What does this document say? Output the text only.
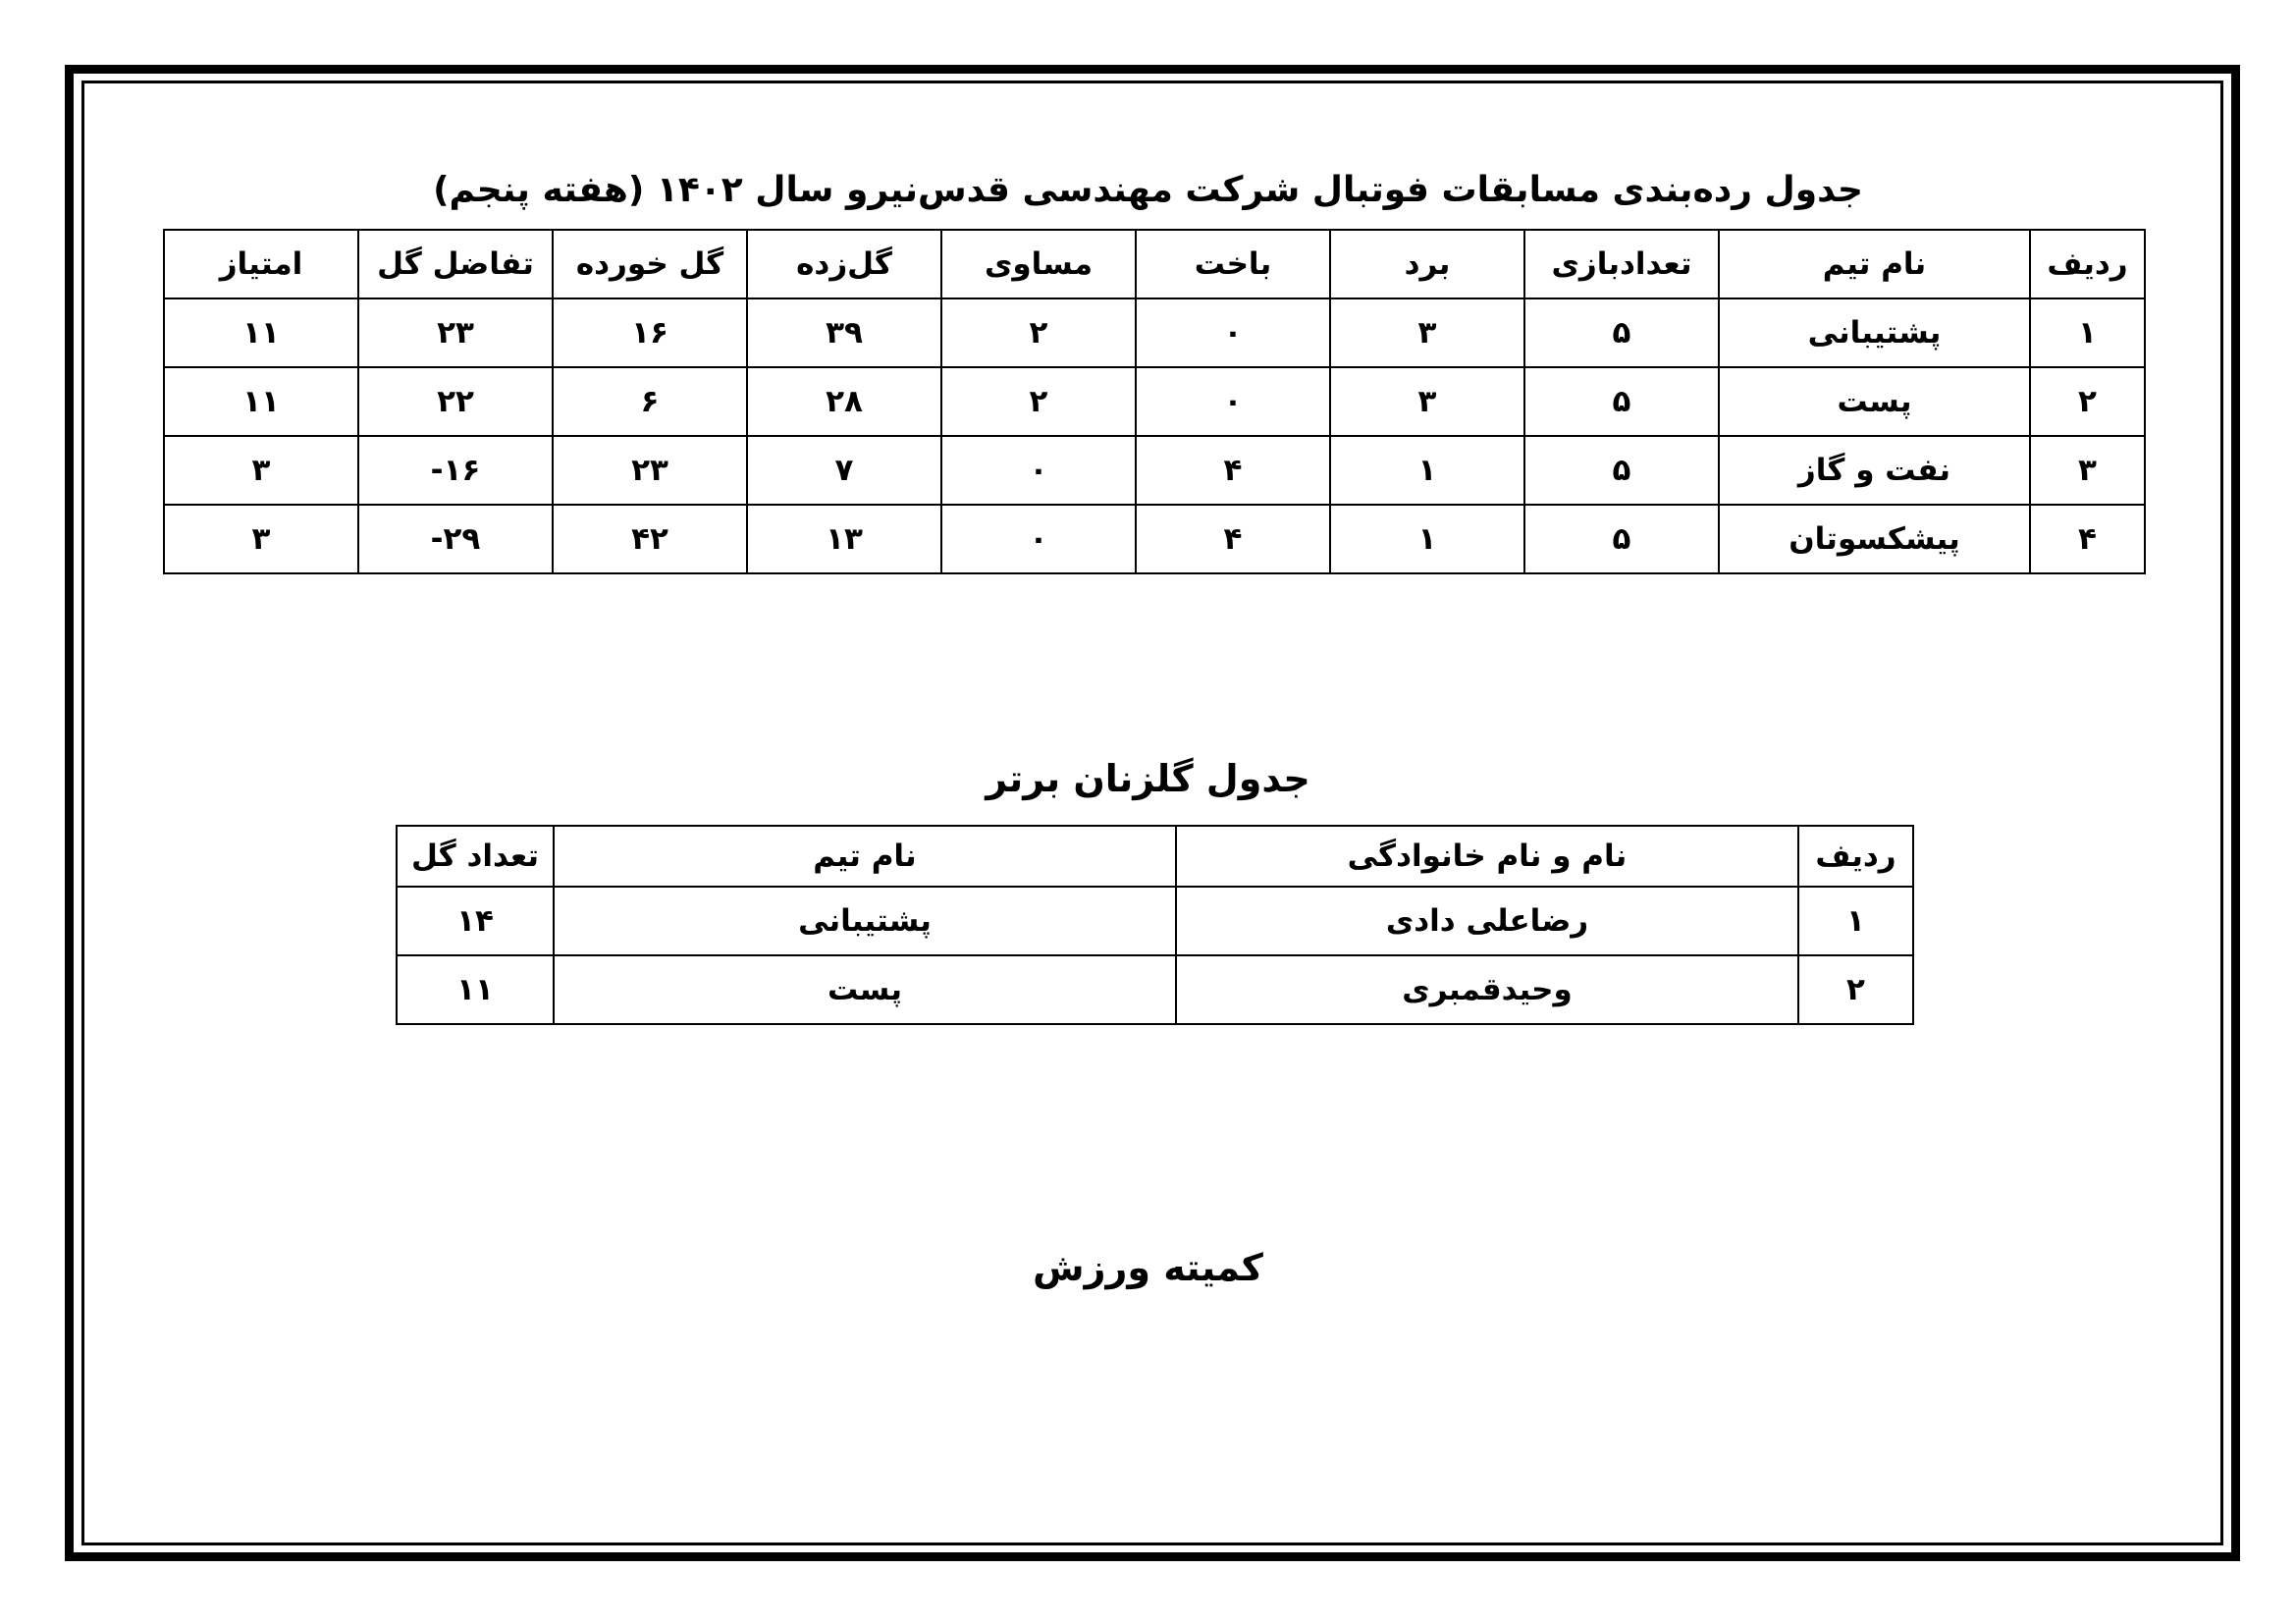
جدول رده‌بندی مسابقات فوتبال شرکت مهندسی قدس‌نیرو سال ۱۴۰۲ (هفته پنجم)
ردیف	نام تیم	تعدادبازی	برد	باخت	مساوی	گل‌زده	گل خورده	تفاضل گل	امتیاز
۱	پشتیبانی	۵	۳	۰	۲	۳۹	۱۶	۲۳	۱۱
۲	پست	۵	۳	۰	۲	۲۸	۶	۲۲	۱۱
۳	نفت و گاز	۵	۱	۴	۰	۷	۲۳	۱۶-	۳
۴	پیشکسوتان	۵	۱	۴	۰	۱۳	۴۲	۲۹-	۳
جدول گلزنان برتر
ردیف	نام و نام خانوادگی	نام تیم	تعداد گل
۱	رضاعلی دادی	پشتیبانی	۱۴
۲	وحیدقمبری	پست	۱۱
کمیته ورزش
